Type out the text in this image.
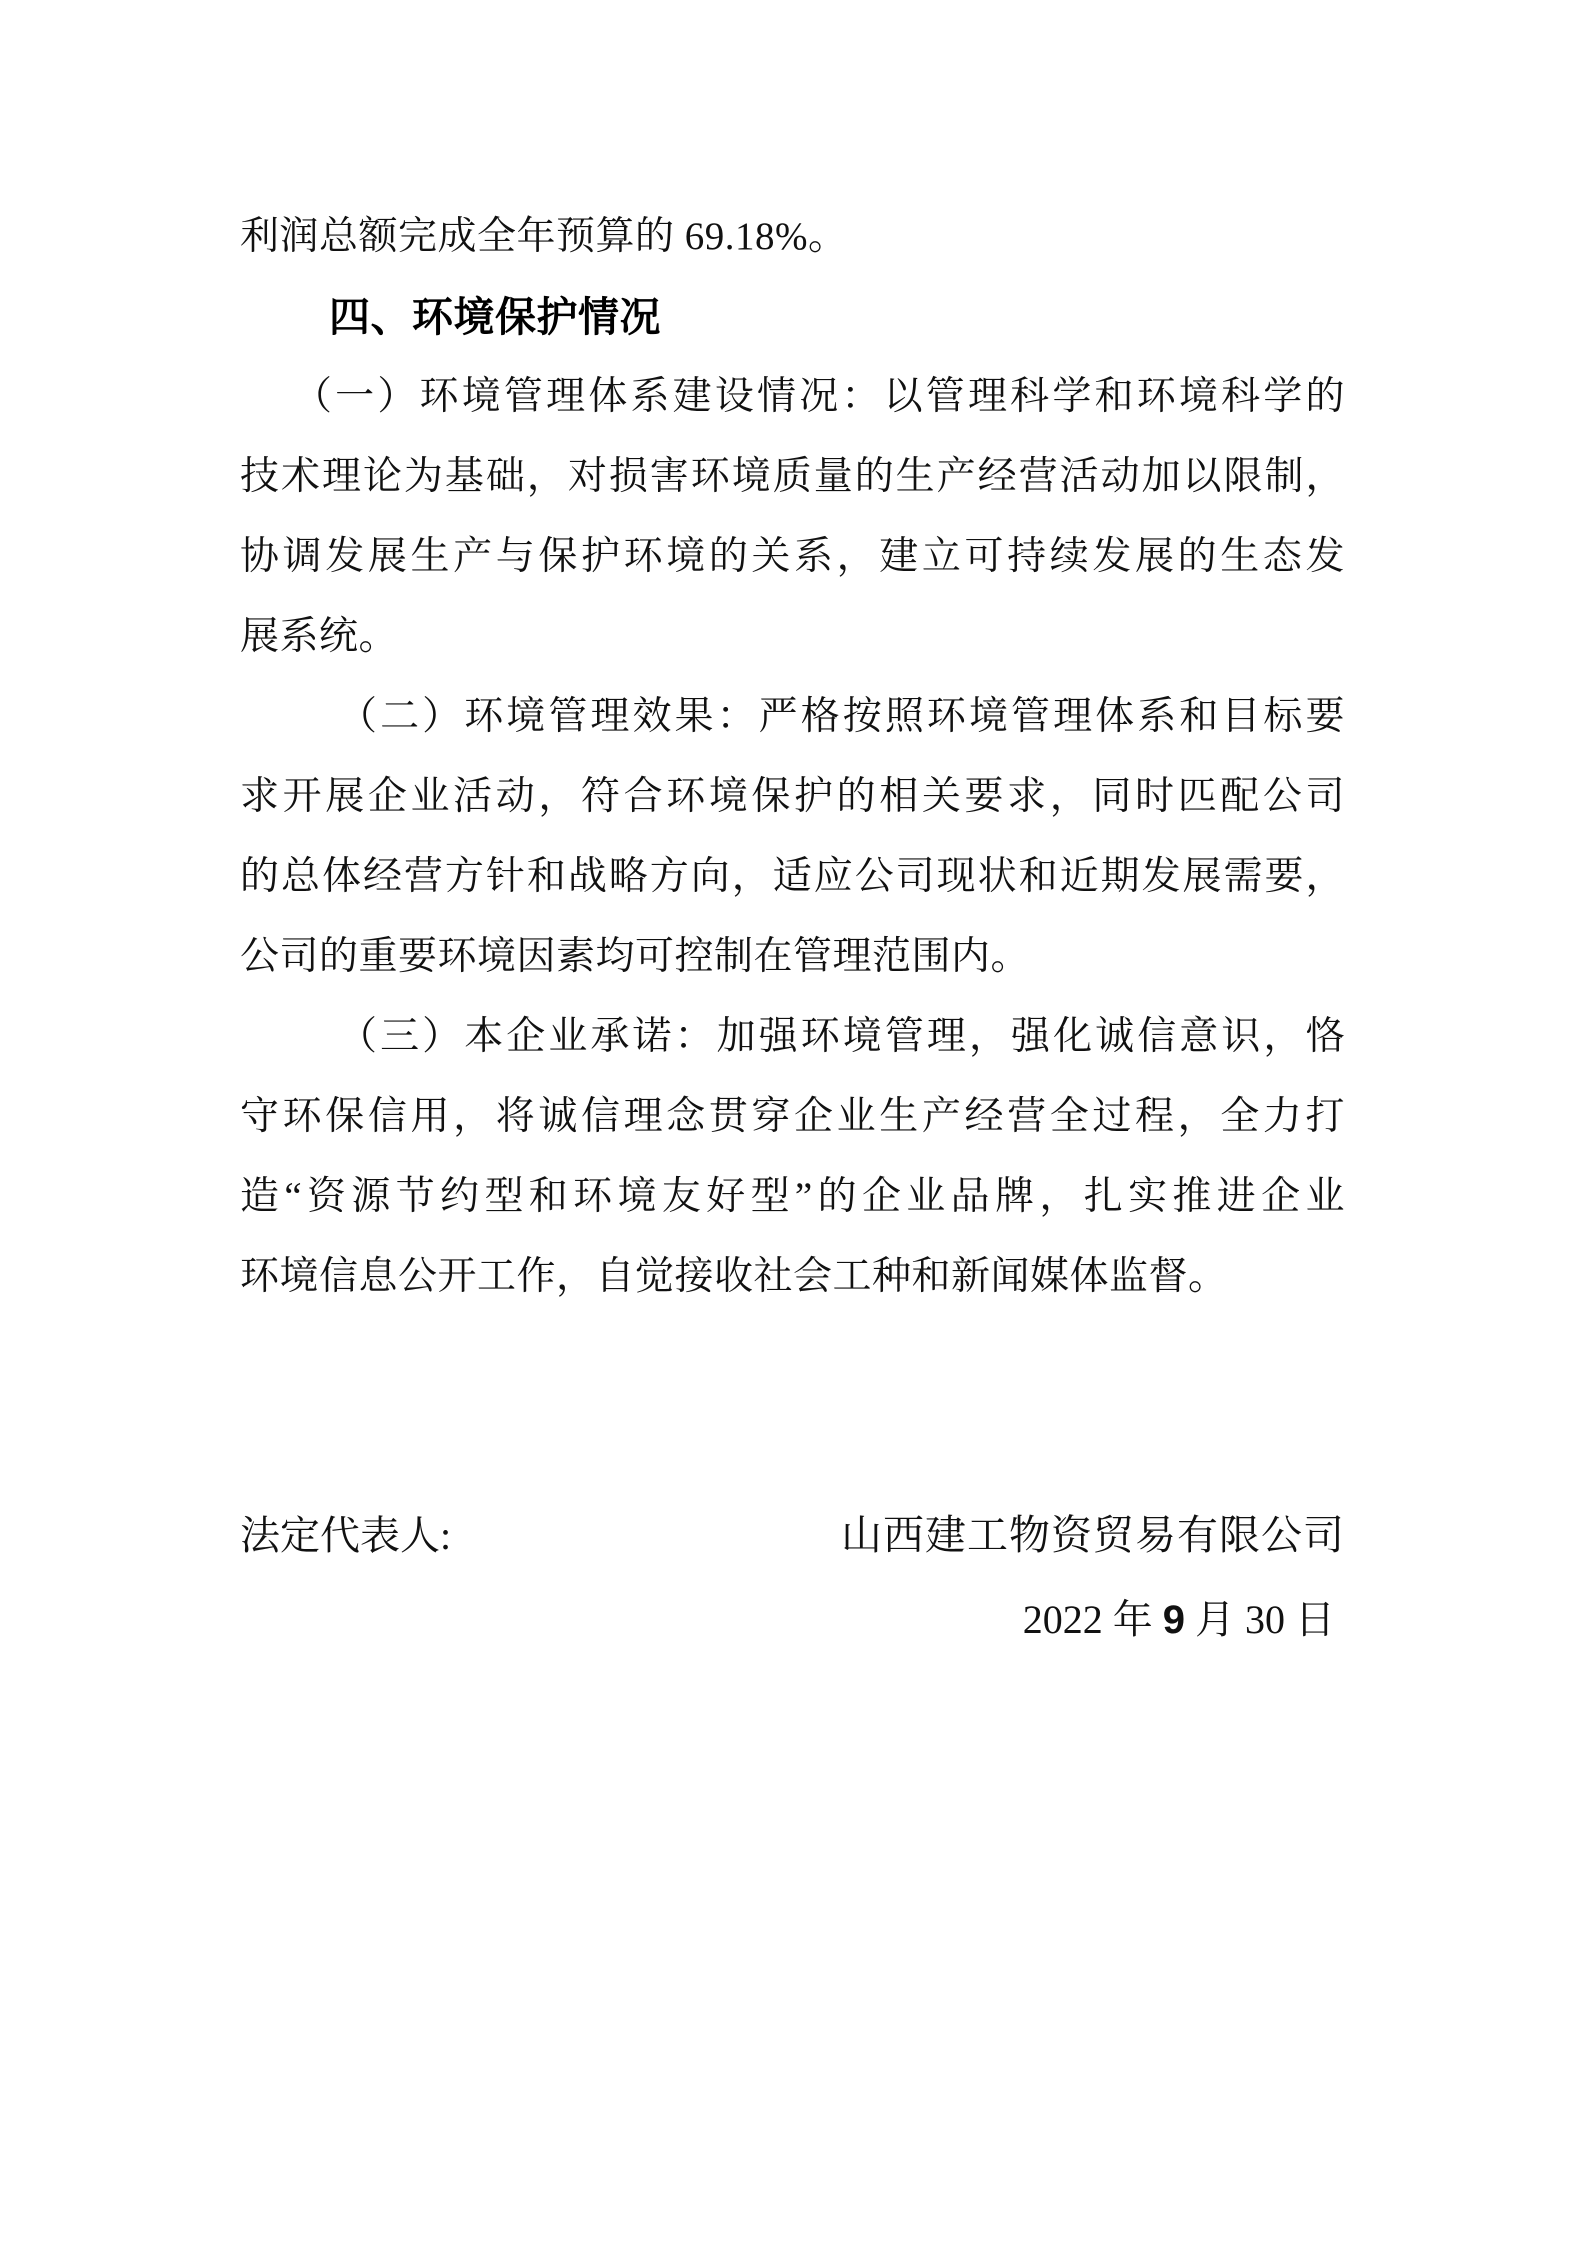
利润总额完成全年预算的 69.18%。
四、环境保护情况
（一）环境管理体系建设情况：以管理科学和环境科学的
技术理论为基础，对损害环境质量的生产经营活动加以限制，
协调发展生产与保护环境的关系，建立可持续发展的生态发
展系统。
（二）环境管理效果：严格按照环境管理体系和目标要
求开展企业活动，符合环境保护的相关要求，同时匹配公司
的总体经营方针和战略方向，适应公司现状和近期发展需要，
公司的重要环境因素均可控制在管理范围内。
（三）本企业承诺：加强环境管理，强化诚信意识，恪
守环保信用，将诚信理念贯穿企业生产经营全过程，全力打
造“资源节约型和环境友好型”的企业品牌，扎实推进企业
环境信息公开工作，自觉接收社会工种和新闻媒体监督。
法定代表人:	山西建工物资贸易有限公司
2022 年 9 月 30 日
